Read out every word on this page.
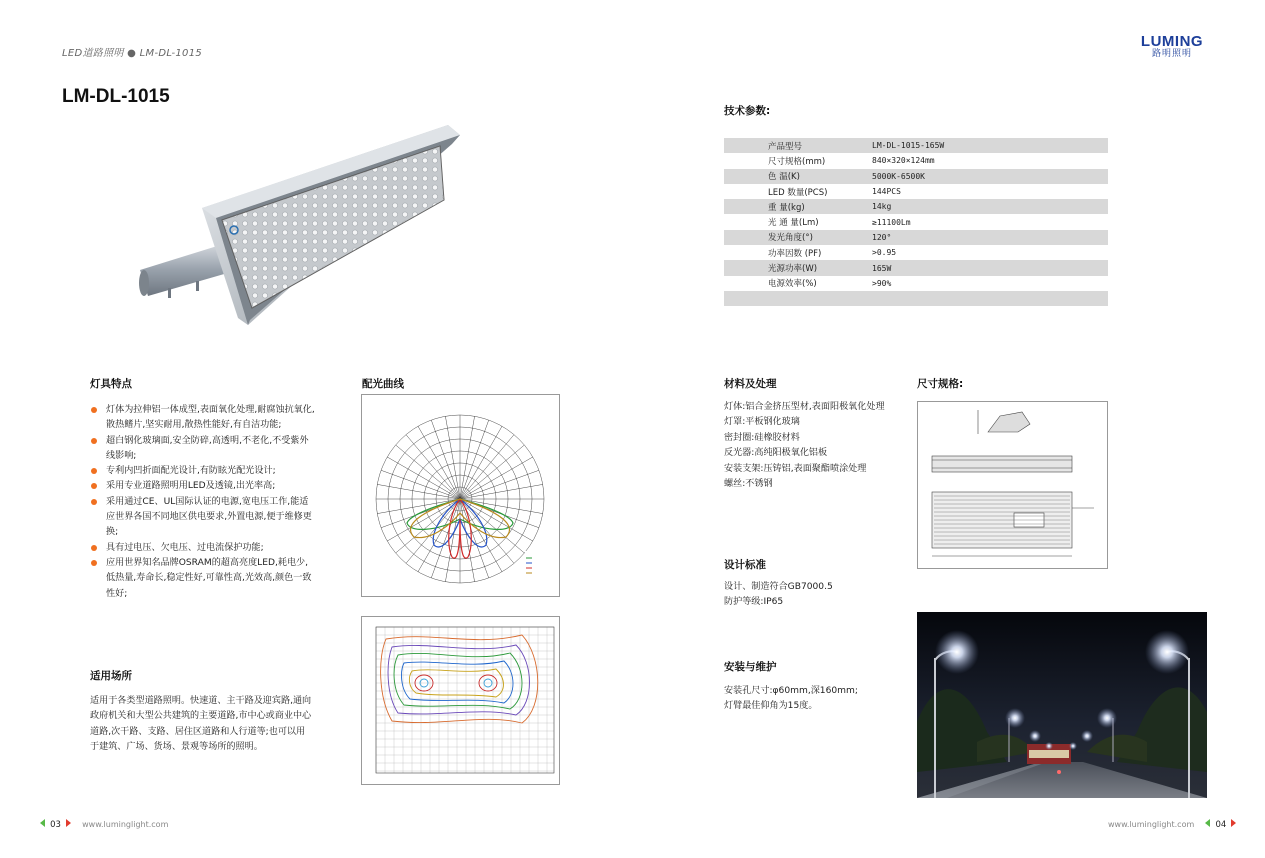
LED道路照明 ● LM-DL-1015
LUMING
路明照明
LM-DL-1015
技术参数:
产品型号	LM-DL-1015-165W
尺寸规格(mm)	840×320×124mm
色 温(K)	5000K-6500K
LED 数量(PCS)	144PCS
重 量(kg)	14kg
光 通 量(Lm)	≥11100Lm
发光角度(°)	120°
功率因数 (PF)	>0.95
光源功率(W)	165W
电源效率(%)	>90%

灯具特点
灯体为拉伸铝一体成型,表面氧化处理,耐腐蚀抗氧化,散热鳍片,坚实耐用,散热性能好,有自洁功能;
超白钢化玻璃面,安全防碎,高透明,不老化,不受紫外线影响;
专利内凹折面配光设计,有防眩光配光设计;
采用专业道路照明用LED及透镜,出光率高;
采用通过CE、UL国际认证的电源,宽电压工作,能适应世界各国不同地区供电要求,外置电源,便于维修更换;
具有过电压、欠电压、过电流保护功能;
应用世界知名品牌OSRAM的超高亮度LED,耗电少,低热量,寿命长,稳定性好,可靠性高,光效高,颜色一致性好;
适用场所
适用于各类型道路照明。快速道、主干路及迎宾路,通向政府机关和大型公共建筑的主要道路,市中心或商业中心道路,次干路、支路、居住区道路和人行道等;也可以用于建筑、广场、货场、景观等场所的照明。
配光曲线	材料及处理
灯体:铝合金挤压型材,表面阳极氧化处理
灯罩:平板钢化玻璃
密封圈:硅橡胶材料
反光器:高纯阳极氧化铝板
安装支架:压铸铝,表面聚酯喷涂处理
螺丝:不锈钢
尺寸规格:
设计标准
设计、制造符合GB7000.5
防护等级:IP65
安装与维护
安装孔尺寸:φ60mm,深160mm;
灯臂最佳仰角为15度。
03	www.luminglight.com	www.luminglight.com 04
